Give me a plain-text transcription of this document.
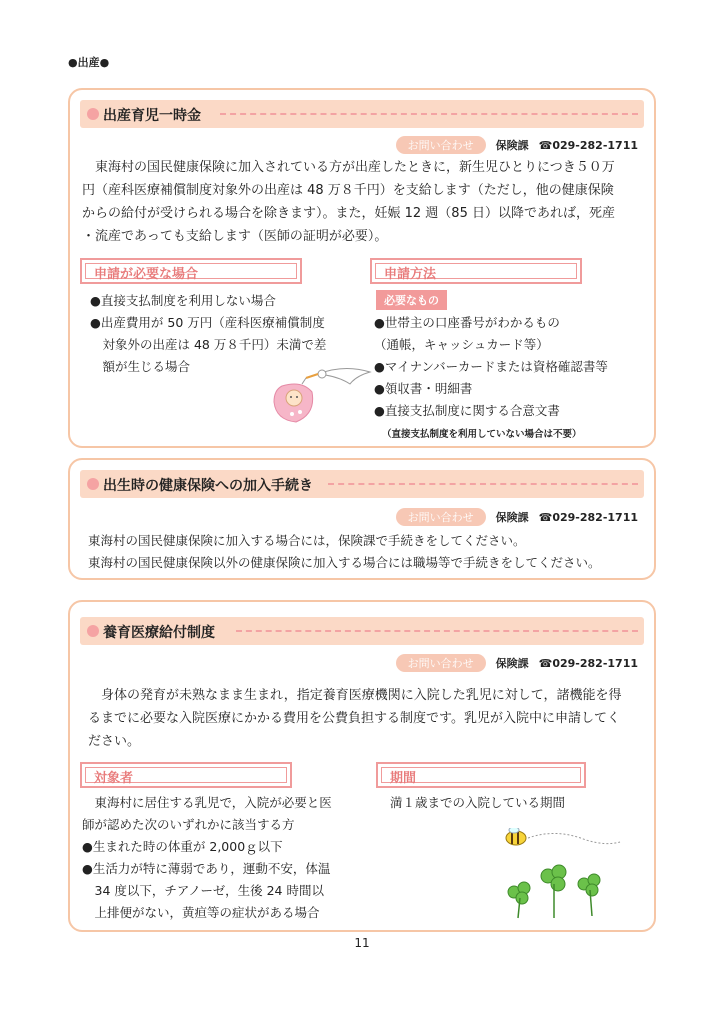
●出産●
出産育児一時金
お問い合わせ	保険課 ☎029-282-1711
　東海村の国民健康保険に加入されている方が出産したときに，新生児ひとりにつき５０万
円（産科医療補償制度対象外の出産は 48 万８千円）を支給します（ただし，他の健康保険
からの給付が受けられる場合を除きます）。また，妊娠 12 週（85 日）以降であれば，死産
・流産であっても支給します（医師の証明が必要）。
申請が必要な場合
●直接支払制度を利用しない場合
●出産費用が 50 万円（産科医療補償制度
　対象外の出産は 48 万８千円）未満で差
　額が生じる場合
申請方法
必要なもの
●世帯主の口座番号がわかるもの
（通帳，キャッシュカード等）
●マイナンバーカードまたは資格確認書等
●領収書・明細書
●直接支払制度に関する合意文書
（直接支払制度を利用していない場合は不要）
出生時の健康保険への加入手続き
お問い合わせ	保険課 ☎029-282-1711
東海村の国民健康保険に加入する場合には，保険課で手続きをしてください。
東海村の国民健康保険以外の健康保険に加入する場合には職場等で手続きをしてください。
養育医療給付制度
お問い合わせ	保険課 ☎029-282-1711
　身体の発育が未熟なまま生まれ，指定養育医療機関に入院した乳児に対して，諸機能を得
るまでに必要な入院医療にかかる費用を公費負担する制度です。乳児が入院中に申請してく
ださい。
対象者
　東海村に居住する乳児で，入院が必要と医
師が認めた次のいずれかに該当する方
●生まれた時の体重が 2,000ｇ以下
●生活力が特に薄弱であり，運動不安，体温
　34 度以下，チアノーゼ，生後 24 時間以
　上排便がない，黄疸等の症状がある場合
期間
満１歳までの入院している期間
11
